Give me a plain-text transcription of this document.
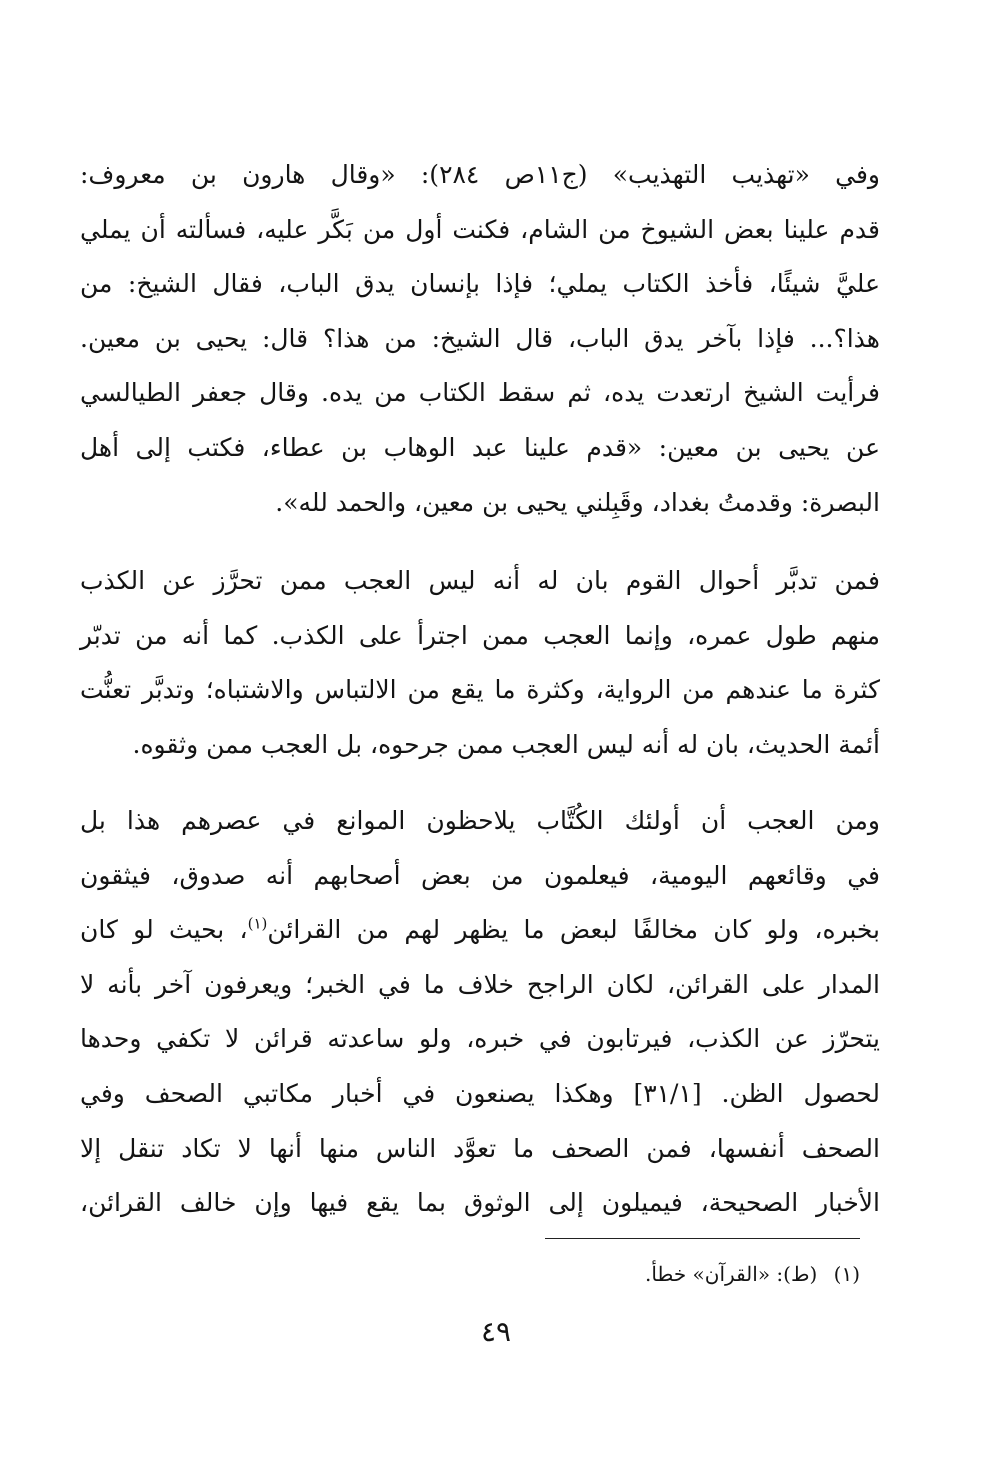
وفي «تهذيب التهذيب» (ج١١ص ٢٨٤): «وقال هارون بن معروف:
قدم علينا بعض الشيوخ من الشام، فكنت أول من بَكَّر عليه، فسألته أن يملي
عليَّ شيئًا، فأخذ الكتاب يملي؛ فإذا بإنسان يدق الباب، فقال الشيخ: من
هذا؟... فإذا بآخر يدق الباب، قال الشيخ: من هذا؟ قال: يحيى بن معين.
فرأيت الشيخ ارتعدت يده، ثم سقط الكتاب من يده. وقال جعفر الطيالسي
عن يحيى بن معين: «قدم علينا عبد الوهاب بن عطاء، فكتب إلى أهل
البصرة: وقدمتُ بغداد، وقَبِلني يحيى بن معين، والحمد لله».

فمن تدبَّر أحوال القوم بان له أنه ليس العجب ممن تحرَّز عن الكذب
منهم طول عمره، وإنما العجب ممن اجترأ على الكذب. كما أنه من تدبّر
كثرة ما عندهم من الرواية، وكثرة ما يقع من الالتباس والاشتباه؛ وتدبَّر تعنُّت
أئمة الحديث، بان له أنه ليس العجب ممن جرحوه، بل العجب ممن وثقوه.

ومن العجب أن أولئك الكُتَّاب يلاحظون الموانع في عصرهم هذا بل
في وقائعهم اليومية، فيعلمون من بعض أصحابهم أنه صدوق، فيثقون
بخبره، ولو كان مخالفًا لبعض ما يظهر لهم من القرائن$^{(١)}$، بحيث لو كان
المدار على القرائن، لكان الراجح خلاف ما في الخبر؛ ويعرفون آخر بأنه لا
يتحرّز عن الكذب، فيرتابون في خبره، ولو ساعدته قرائن لا تكفي وحدها
لحصول الظن. [٣١/١] وهكذا يصنعون في أخبار مكاتبي الصحف وفي
الصحف أنفسها، فمن الصحف ما تعوَّد الناس منها أنها لا تكاد تنقل إلا
الأخبار الصحيحة، فيميلون إلى الوثوق بما يقع فيها وإن خالف القرائن،

(١) (ط): «القرآن» خطأ.
٤٩
